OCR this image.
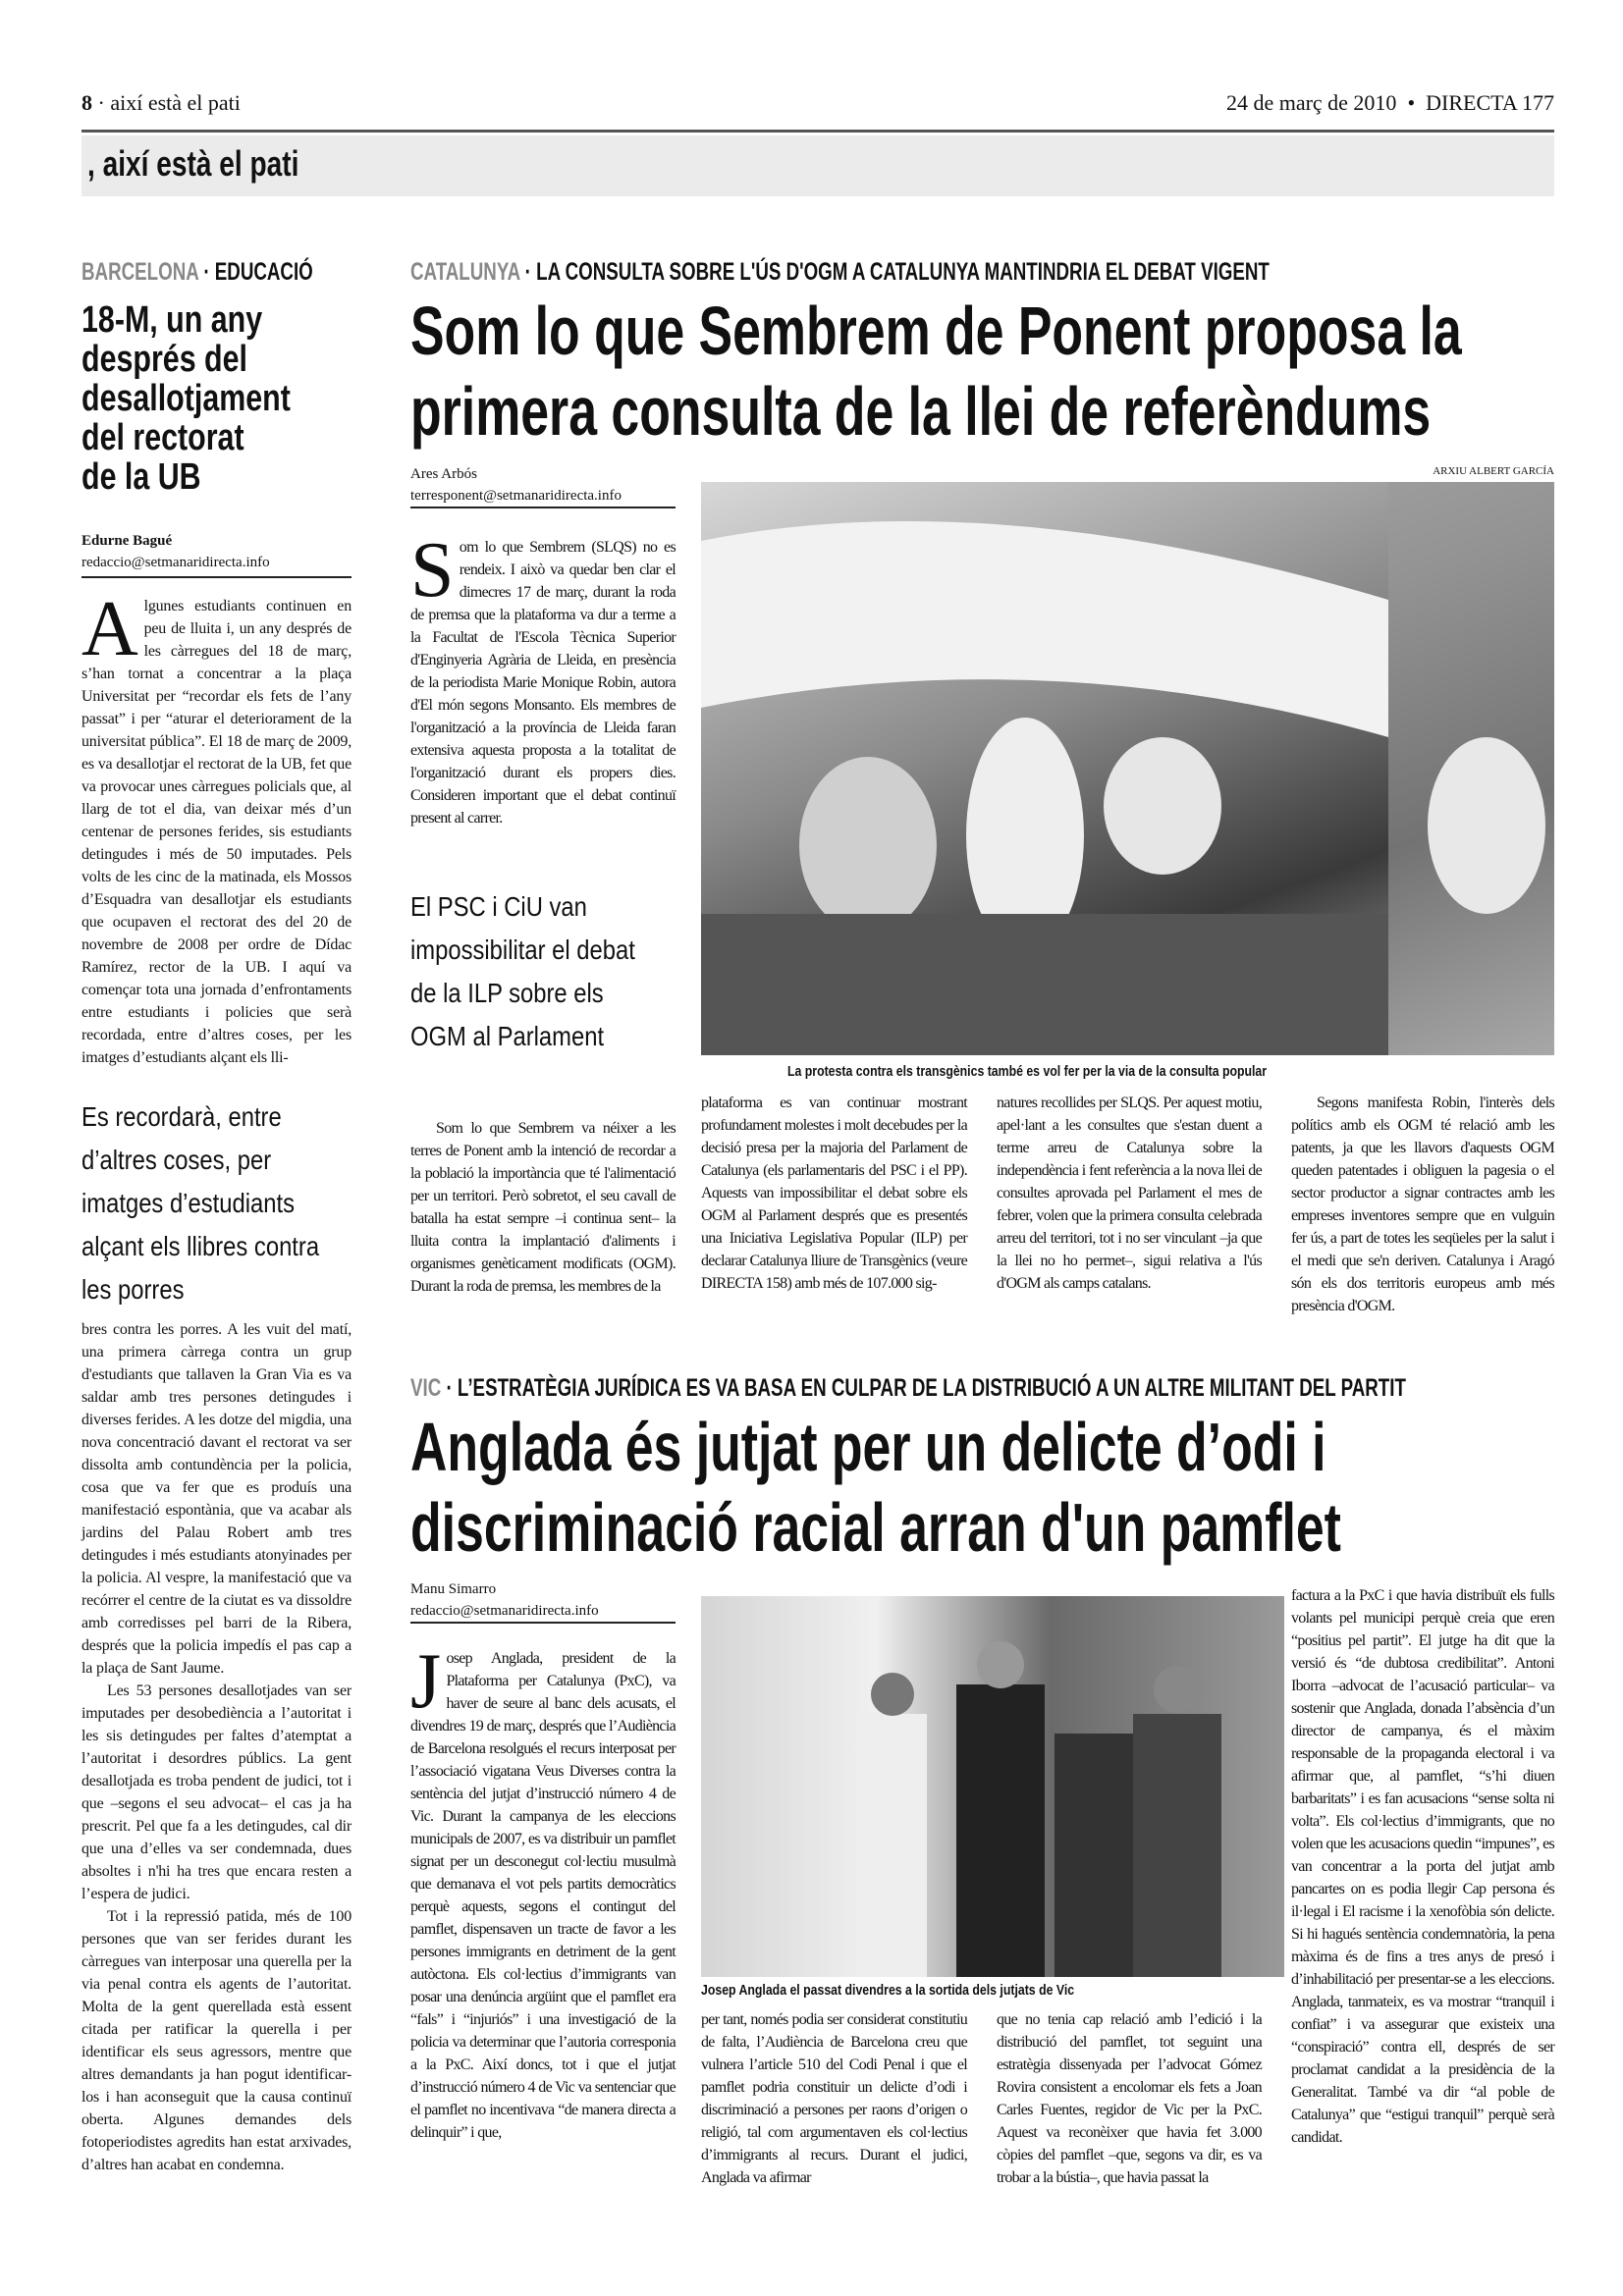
8 · així està el pati	24 de març de 2010 • DIRECTA 177
, així està el pati
BARCELONA · EDUCACIÓ
18-M, un any
després del
desallotjament
del rectorat
de la UB
Edurne Bagué
redaccio@setmanaridirecta.info

Algunes estudiants continuen en peu de lluita i, un any després de les càrregues del 18 de març, s’han tornat a concentrar a la plaça Universitat per “recordar els fets de l’any passat” i per “aturar el deteriorament de la universitat pública”. El 18 de març de 2009, es va desallotjar el rectorat de la UB, fet que va provocar unes càrregues policials que, al llarg de tot el dia, van deixar més d’un centenar de persones ferides, sis estudiants detingudes i més de 50 imputades. Pels volts de les cinc de la matinada, els Mossos d’Esquadra van desallotjar els estudiants que ocupaven el rectorat des del 20 de novembre de 2008 per ordre de Dídac Ramírez, rector de la UB. I aquí va començar tota una jornada d’enfrontaments entre estudiants i policies que serà recordada, entre d’altres coses, per les imatges d’estudiants alçant els lli-

Es recordarà, entre d’altres coses, per imatges d’estudiants alçant els llibres contra les porres

bres contra les porres. A les vuit del matí, una primera càrrega contra un grup d'estudiants que tallaven la Gran Via es va saldar amb tres persones detingudes i diverses ferides. A les dotze del migdia, una nova concentració davant el rectorat va ser dissolta amb contundència per la policia, cosa que va fer que es produís una manifestació espontània, que va acabar als jardins del Palau Robert amb tres detingudes i més estudiants atonyinades per la policia. Al vespre, la manifestació que va recórrer el centre de la ciutat es va dissoldre amb corredisses pel barri de la Ribera, després que la policia impedís el pas cap a la plaça de Sant Jaume.

Les 53 persones desallotjades van ser imputades per desobediència a l’autoritat i les sis detingudes per faltes d’atemptat a l’autoritat i desordres públics. La gent desallotjada es troba pendent de judici, tot i que –segons el seu advocat– el cas ja ha prescrit. Pel que fa a les detingudes, cal dir que una d’elles va ser condemnada, dues absoltes i n'hi ha tres que encara resten a l’espera de judici.

Tot i la repressió patida, més de 100 persones que van ser ferides durant les càrregues van interposar una querella per la via penal contra els agents de l’autoritat. Molta de la gent querellada està essent citada per ratificar la querella i per identificar els seus agressors, mentre que altres demandants ja han pogut identificar-los i han aconseguit que la causa continuï oberta. Algunes demandes dels fotoperiodistes agredits han estat arxivades, d’altres han acabat en condemna.

CATALUNYA · LA CONSULTA SOBRE L'ÚS D'OGM A CATALUNYA MANTINDRIA EL DEBAT VIGENT
Som lo que Sembrem de Ponent proposa la
primera consulta de la llei de referèndums
Ares Arbós
terresponent@setmanaridirecta.info
ARXIU ALBERT GARCÍA
La protesta contra els transgènics també es vol fer per la via de la consulta popular

Som lo que Sembrem (SLQS) no es rendeix. I això va quedar ben clar el dimecres 17 de març, durant la roda de premsa que la plataforma va dur a terme a la Facultat de l'Escola Tècnica Superior d'Enginyeria Agrària de Lleida, en presència de la periodista Marie Monique Robin, autora d'El món segons Monsanto. Els membres de l'organització a la província de Lleida faran extensiva aquesta proposta a la totalitat de l'organització durant els propers dies. Consideren important que el debat continuï present al carrer.

El PSC i CiU van impossibilitar el debat de la ILP sobre els OGM al Parlament

Som lo que Sembrem va néixer a les terres de Ponent amb la intenció de recordar a la població la importància que té l'alimentació per un territori. Però sobretot, el seu cavall de batalla ha estat sempre –i continua sent– la lluita contra la implantació d'aliments i organismes genèticament modificats (OGM). Durant la roda de premsa, les membres de la

plataforma es van continuar mostrant profundament molestes i molt decebudes per la decisió presa per la majoria del Parlament de Catalunya (els parlamentaris del PSC i el PP). Aquests van impossibilitar el debat sobre els OGM al Parlament després que es presentés una Iniciativa Legislativa Popular (ILP) per declarar Catalunya lliure de Transgènics (veure DIRECTA 158) amb més de 107.000 sig-

natures recollides per SLQS. Per aquest motiu, apel·lant a les consultes que s'estan duent a terme arreu de Catalunya sobre la independència i fent referència a la nova llei de consultes aprovada pel Parlament el mes de febrer, volen que la primera consulta celebrada arreu del territori, tot i no ser vinculant –ja que la llei no ho permet–, sigui relativa a l'ús d'OGM als camps catalans.

Segons manifesta Robin, l'interès dels polítics amb els OGM té relació amb les patents, ja que les llavors d'aquests OGM queden patentades i obliguen la pagesia o el sector productor a signar contractes amb les empreses inventores sempre que en vulguin fer ús, a part de totes les seqüeles per la salut i el medi que se'n deriven. Catalunya i Aragó són els dos territoris europeus amb més presència d'OGM.

VIC · L’ESTRATÈGIA JURÍDICA ES VA BASA EN CULPAR DE LA DISTRIBUCIÓ A UN ALTRE MILITANT DEL PARTIT
Anglada és jutjat per un delicte d’odi i
discriminació racial arran d'un pamflet
Manu Simarro
redaccio@setmanaridirecta.info
Josep Anglada el passat divendres a la sortida dels jutjats de Vic

Josep Anglada, president de la Plataforma per Catalunya (PxC), va haver de seure al banc dels acusats, el divendres 19 de març, després que l’Audiència de Barcelona resolgués el recurs interposat per l’associació vigatana Veus Diverses contra la sentència del jutjat d’instrucció número 4 de Vic. Durant la campanya de les eleccions municipals de 2007, es va distribuir un pamflet signat per un desconegut col·lectiu musulmà que demanava el vot pels partits democràtics perquè aquests, segons el contingut del pamflet, dispensaven un tracte de favor a les persones immigrants en detriment de la gent autòctona. Els col·lectius d’immigrants van posar una denúncia argüint que el pamflet era “fals” i “injuriós” i una investigació de la policia va determinar que l’autoria corresponia a la PxC. Així doncs, tot i que el jutjat d’instrucció número 4 de Vic va sentenciar que el pamflet no incentivava “de manera directa a delinquir” i que,

per tant, només podia ser considerat constitutiu de falta, l’Audiència de Barcelona creu que vulnera l’article 510 del Codi Penal i que el pamflet podria constituir un delicte d’odi i discriminació a persones per raons d’origen o religió, tal com argumentaven els col·lectius d’immigrants al recurs. Durant el judici, Anglada va afirmar

que no tenia cap relació amb l’edició i la distribució del pamflet, tot seguint una estratègia dissenyada per l’advocat Gómez Rovira consistent a encolomar els fets a Joan Carles Fuentes, regidor de Vic per la PxC. Aquest va reconèixer que havia fet 3.000 còpies del pamflet –que, segons va dir, es va trobar a la bústia–, que havia passat la

factura a la PxC i que havia distribuït els fulls volants pel municipi perquè creia que eren “positius pel partit”. El jutge ha dit que la versió és “de dubtosa credibilitat”. Antoni Iborra –advocat de l’acusació particular– va sostenir que Anglada, donada l’absència d’un director de campanya, és el màxim responsable de la propaganda electoral i va afirmar que, al pamflet, “s’hi diuen barbaritats” i es fan acusacions “sense solta ni volta”. Els col·lectius d’immigrants, que no volen que les acusacions quedin “impunes”, es van concentrar a la porta del jutjat amb pancartes on es podia llegir Cap persona és il·legal i El racisme i la xenofòbia són delicte. Si hi hagués sentència condemnatòria, la pena màxima és de fins a tres anys de presó i d’inhabilitació per presentar-se a les eleccions. Anglada, tanmateix, es va mostrar “tranquil i confiat” i va assegurar que existeix una “conspiració” contra ell, després de ser proclamat candidat a la presidència de la Generalitat. També va dir “al poble de Catalunya” que “estigui tranquil” perquè serà candidat.
